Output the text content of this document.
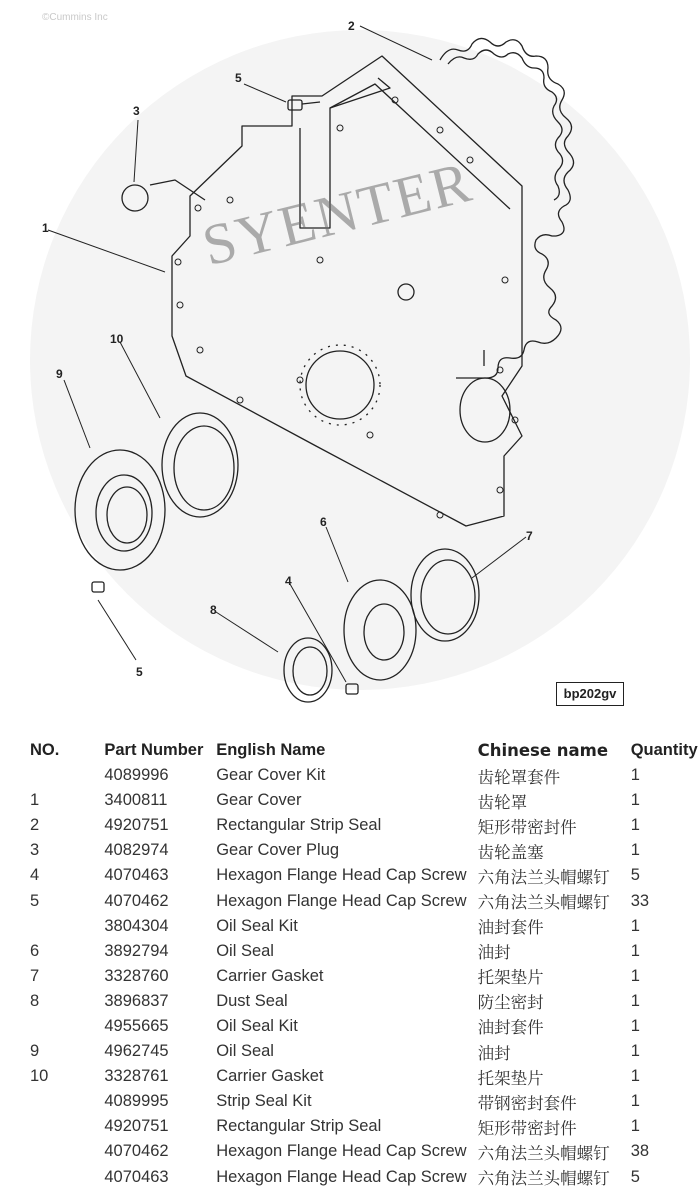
1
2
3
4
5
5
6
7
8
9
10
©Cummins Inc
SYENTER
bp202gv
NO.	Part Number	English Name	Chinese name	Quantity
	4089996	Gear Cover Kit	齿轮罩套件	1
1	3400811	Gear Cover	齿轮罩	1
2	4920751	Rectangular Strip Seal	矩形带密封件	1
3	4082974	Gear Cover Plug	齿轮盖塞	1
4	4070463	Hexagon Flange Head Cap Screw	六角法兰头帽螺钉	5
5	4070462	Hexagon Flange Head Cap Screw	六角法兰头帽螺钉	33
	3804304	Oil Seal Kit	油封套件	1
6	3892794	Oil Seal	油封	1
7	3328760	Carrier Gasket	托架垫片	1
8	3896837	Dust Seal	防尘密封	1
	4955665	Oil Seal Kit	油封套件	1
9	4962745	Oil Seal	油封	1
10	3328761	Carrier Gasket	托架垫片	1
	4089995	Strip Seal Kit	带钢密封套件	1
	4920751	Rectangular Strip Seal	矩形带密封件	1
	4070462	Hexagon Flange Head Cap Screw	六角法兰头帽螺钉	38
	4070463	Hexagon Flange Head Cap Screw	六角法兰头帽螺钉	5
